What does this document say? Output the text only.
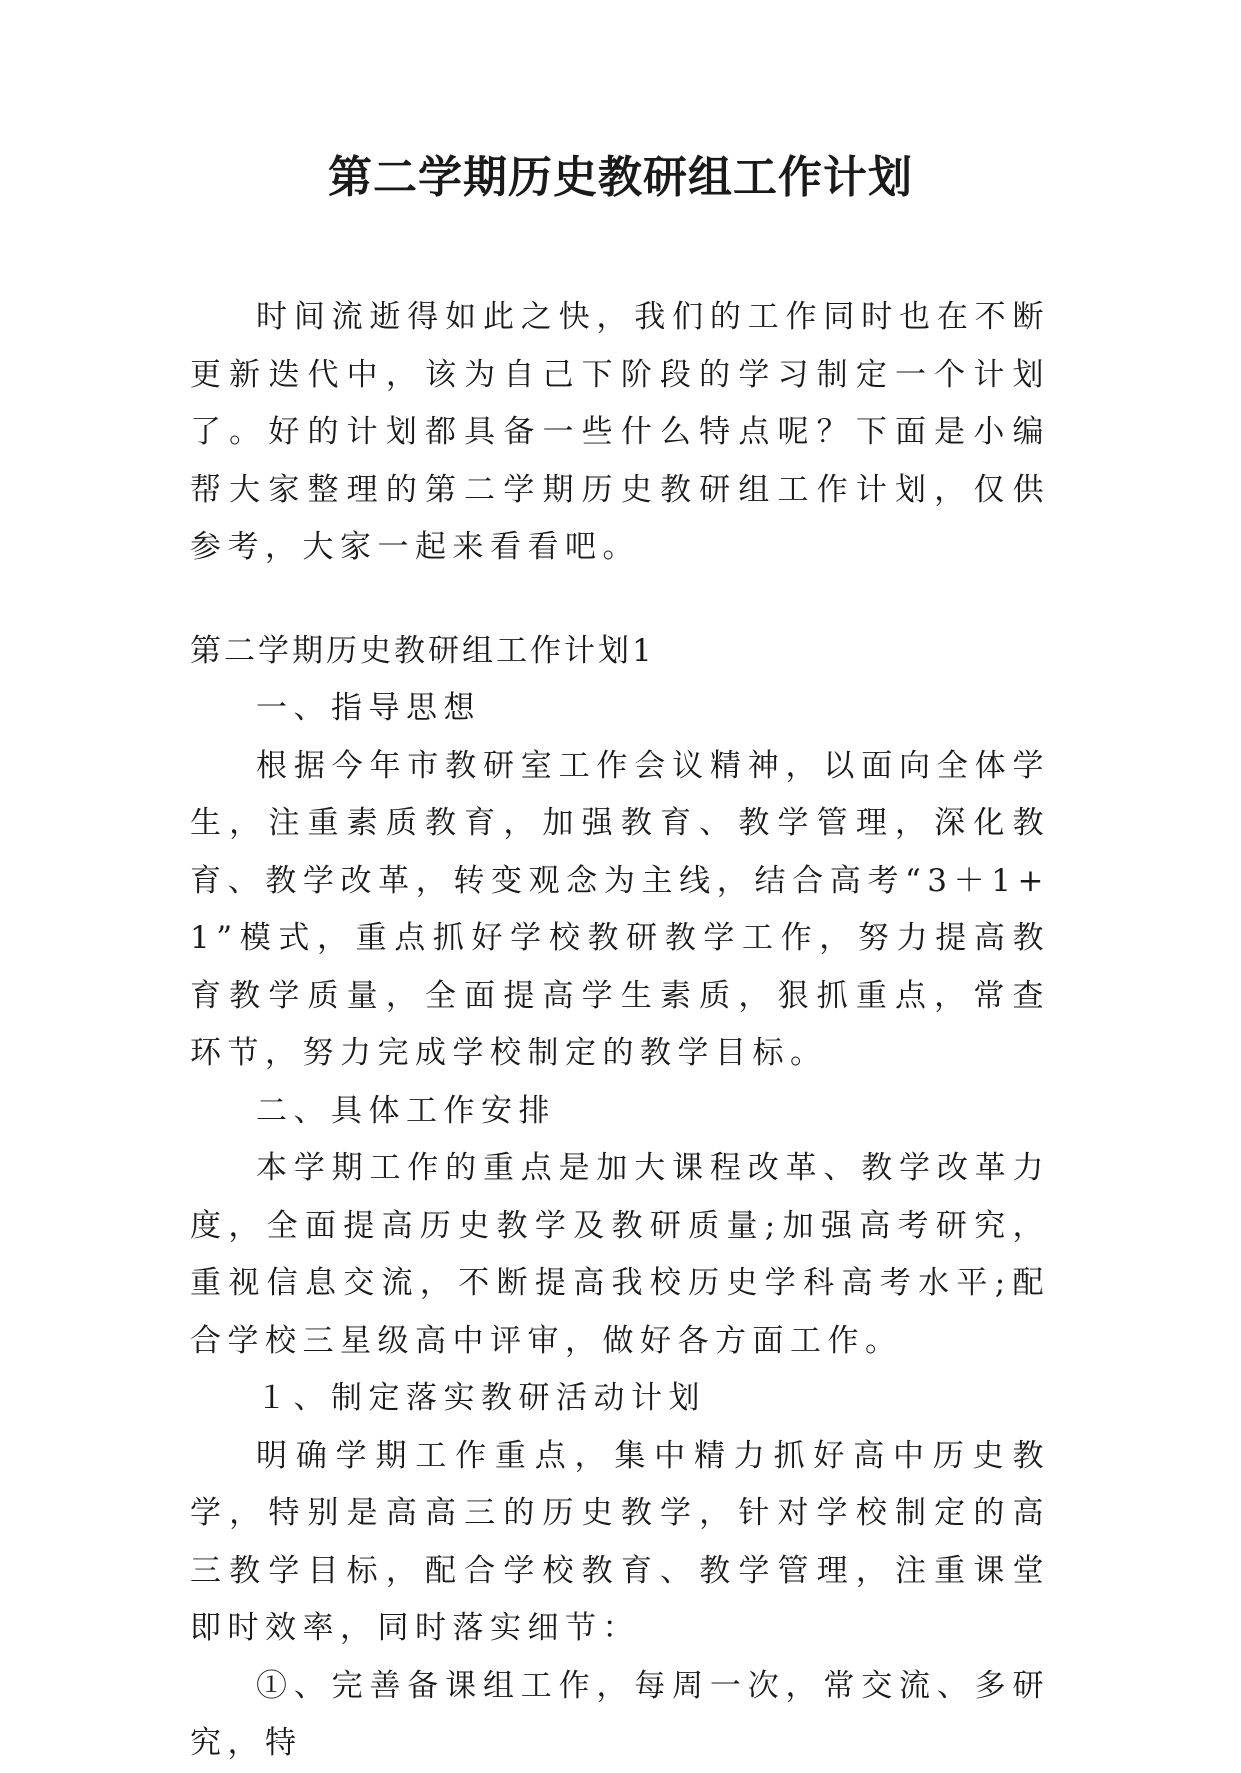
第二学期历史教研组工作计划

时间流逝得如此之快，我们的工作同时也在不断更新迭代中，该为自己下阶段的学习制定一个计划了。好的计划都具备一些什么特点呢？下面是小编帮大家整理的第二学期历史教研组工作计划，仅供参考，大家一起来看看吧。

第二学期历史教研组工作计划1

一、指导思想

根据今年市教研室工作会议精神，以面向全体学生，注重素质教育，加强教育、教学管理，深化教育、教学改革，转变观念为主线，结合高考“3＋1+1”模式，重点抓好学校教研教学工作，努力提高教育教学质量，全面提高学生素质，狠抓重点，常查环节，努力完成学校制定的教学目标。

二、具体工作安排

本学期工作的重点是加大课程改革、教学改革力度，全面提高历史教学及教研质量;加强高考研究，重视信息交流，不断提高我校历史学科高考水平;配合学校三星级高中评审，做好各方面工作。

１、制定落实教研活动计划

明确学期工作重点，集中精力抓好高中历史教学，特别是高高三的历史教学，针对学校制定的高三教学目标，配合学校教育、教学管理，注重课堂即时效率，同时落实细节：

①、完善备课组工作，每周一次，常交流、多研究，特
